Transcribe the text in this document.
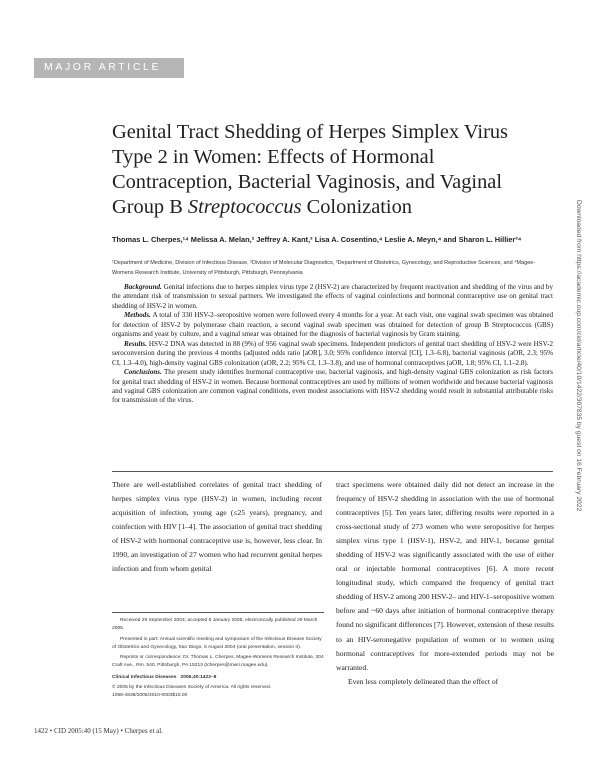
MAJOR ARTICLE
Genital Tract Shedding of Herpes Simplex Virus Type 2 in Women: Effects of Hormonal Contraception, Bacterial Vaginosis, and Vaginal Group B Streptococcus Colonization
Thomas L. Cherpes,¹⁴ Melissa A. Melan,² Jeffrey A. Kant,² Lisa A. Cosentino,⁴ Leslie A. Meyn,⁴ and Sharon L. Hillier³⁴
¹Department of Medicine, Division of Infectious Disease, ²Division of Molecular Diagnostics, ³Department of Obstetrics, Gynecology, and Reproductive Sciences, and ⁴Magee-Womens Research Institute, University of Pittsburgh, Pittsburgh, Pennsylvania

Background. Genital infections due to herpes simplex virus type 2 (HSV-2) are characterized by frequent reactivation and shedding of the virus and by the attendant risk of transmission to sexual partners. We investigated the effects of vaginal coinfections and hormonal contraceptive use on genital tract shedding of HSV-2 in women.

Methods. A total of 330 HSV-2–seropositive women were followed every 4 months for a year. At each visit, one vaginal swab specimen was obtained for detection of HSV-2 by polymerase chain reaction, a second vaginal swab specimen was obtained for detection of group B Streptococcus (GBS) organisms and yeast by culture, and a vaginal smear was obtained for the diagnosis of bacterial vaginosis by Gram staining.

Results. HSV-2 DNA was detected in 88 (9%) of 956 vaginal swab specimens. Independent predictors of genital tract shedding of HSV-2 were HSV-2 seroconversion during the previous 4 months (adjusted odds ratio [aOR], 3.0; 95% confidence interval [CI], 1.3–6.8), bacterial vaginosis (aOR, 2.3; 95% CI, 1.3–4.0), high-density vaginal GBS colonization (aOR, 2.2; 95% CI, 1.3–3.8), and use of hormonal contraceptives (aOR, 1.8; 95% CI, 1.1–2.8).

Conclusions. The present study identifies hormonal contraceptive use, bacterial vaginosis, and high-density vaginal GBS colonization as risk factors for genital tract shedding of HSV-2 in women. Because hormonal contraceptives are used by millions of women worldwide and because bacterial vaginosis and vaginal GBS colonization are common vaginal conditions, even modest associations with HSV-2 shedding would result in substantial attributable risks for transmission of the virus.

There are well-established correlates of genital tract shedding of herpes simplex virus type (HSV-2) in women, including recent acquisition of infection, young age (≤25 years), pregnancy, and coinfection with HIV [1–4]. The association of genital tract shedding of HSV-2 with hormonal contraceptive use is, however, less clear. In 1990, an investigation of 27 women who had recurrent genital herpes infection and from whom genital

tract specimens were obtained daily did not detect an increase in the frequency of HSV-2 shedding in association with the use of hormonal contraceptives [5]. Ten years later, differing results were reported in a cross-sectional study of 273 women who were seropositive for herpes simplex virus type 1 (HSV-1), HSV-2, and HIV-1, because genital shedding of HSV-2 was significantly associated with the use of either oral or injectable hormonal contraceptives [6]. A more recent longitudinal study, which compared the frequency of genital tract shedding of HSV-2 among 200 HSV-2– and HIV-1–seropositive women before and ~60 days after initiation of hormonal contraceptive therapy found no significant differences [7]. However, extension of these results to an HIV-seronegative population of women or to women using hormonal contraceptives for more-extended periods may not be warranted.

Even less completely delineated than the effect of

Received 29 September 2004; accepted 6 January 2005; electronically published 29 March 2005.

Presented in part: Annual scientific meeting and symposium of the Infectious Disease Society of Obstetrics and Gynecology, San Diego, 5 August 2004 (oral presentation, session II).

Reprints or correspondence: Dr. Thomas L. Cherpes, Magee-Womens Research Institute, 204 Craft Ave., Rm. 540, Pittsburgh, PA 15213 (tcherpes@mwri.magee.edu).

Clinical Infectious Diseases 2005;40:1422–8

© 2005 by the Infectious Diseases Society of America. All rights reserved.

1058-4838/2005/4010-0003$15.00

1422 • CID 2005:40 (15 May) • Cherpes et al.
Downloaded from https://academic.oup.com/cid/article/40/10/1422/307835 by guest on 16 February 2022
